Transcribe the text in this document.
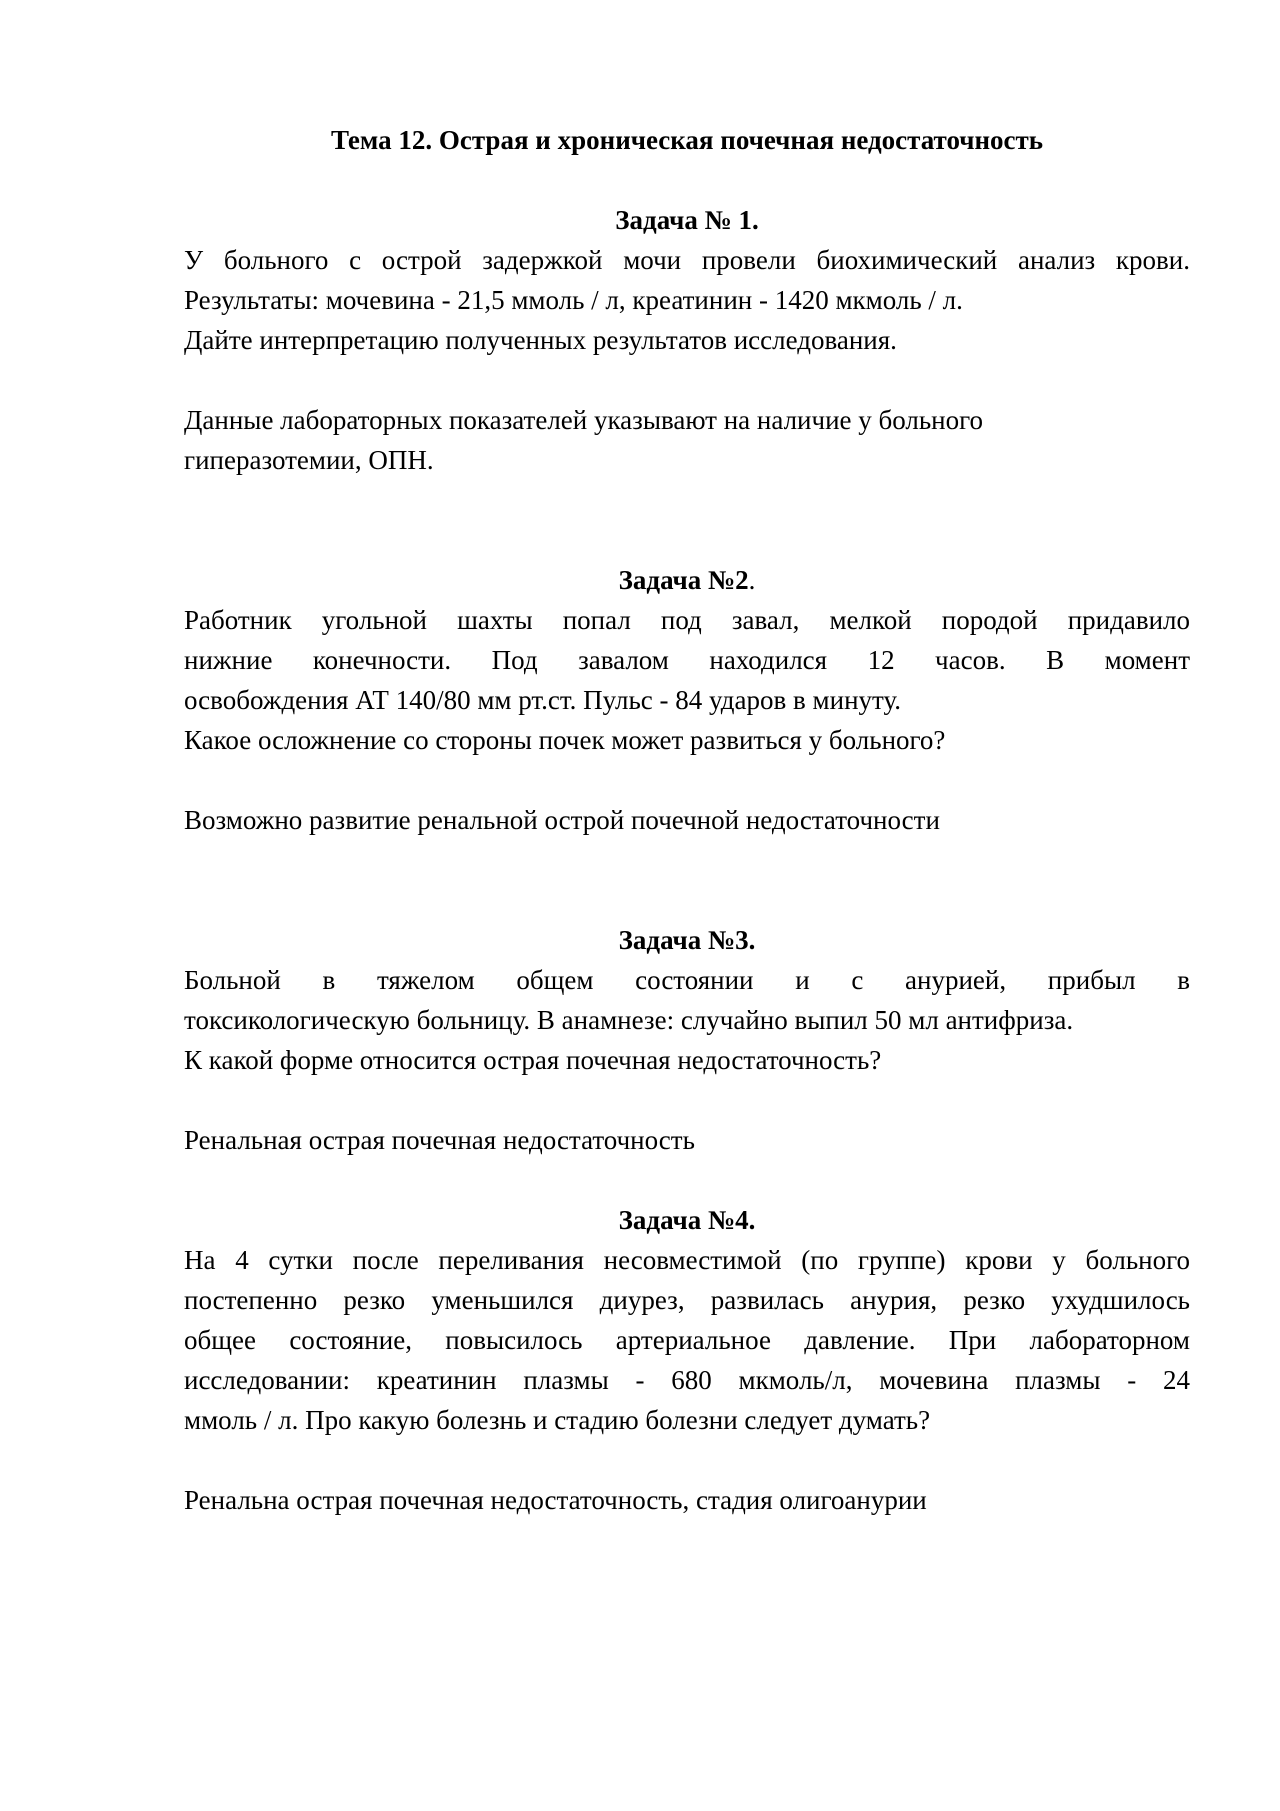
Тема 12. Острая и хроническая почечная недостаточность

Задача № 1.

У больного с острой задержкой мочи провели биохимический анализ крови.
Результаты: мочевина - 21,5 ммоль / л, креатинин - 1420 мкмоль / л.
Дайте интерпретацию полученных результатов исследования.
Данные лабораторных показателей указывают на наличие у больного
гиперазотемии, ОПН.

Задача №2.

Работник угольной шахты попал под завал, мелкой породой придавило
нижние конечности. Под завалом находился 12 часов. В момент
освобождения АТ 140/80 мм рт.ст. Пульс - 84 ударов в минуту.
Какое осложнение со стороны почек может развиться у больного?
Возможно развитие ренальной острой почечной недостаточности

Задача №3.

Больной в тяжелом общем состоянии и с анурией, прибыл в
токсикологическую больницу. В анамнезе: случайно выпил 50 мл антифриза.
К какой форме относится острая почечная недостаточность?
Ренальная острая почечная недостаточность

Задача №4.

На 4 сутки после переливания несовместимой (по группе) крови у больного
постепенно резко уменьшился диурез, развилась анурия, резко ухудшилось
общее состояние, повысилось артериальное давление. При лабораторном
исследовании: креатинин плазмы - 680 мкмоль/л, мочевина плазмы - 24
ммоль / л. Про какую болезнь и стадию болезни следует думать?
Ренальна острая почечная недостаточность, стадия олигоанурии
